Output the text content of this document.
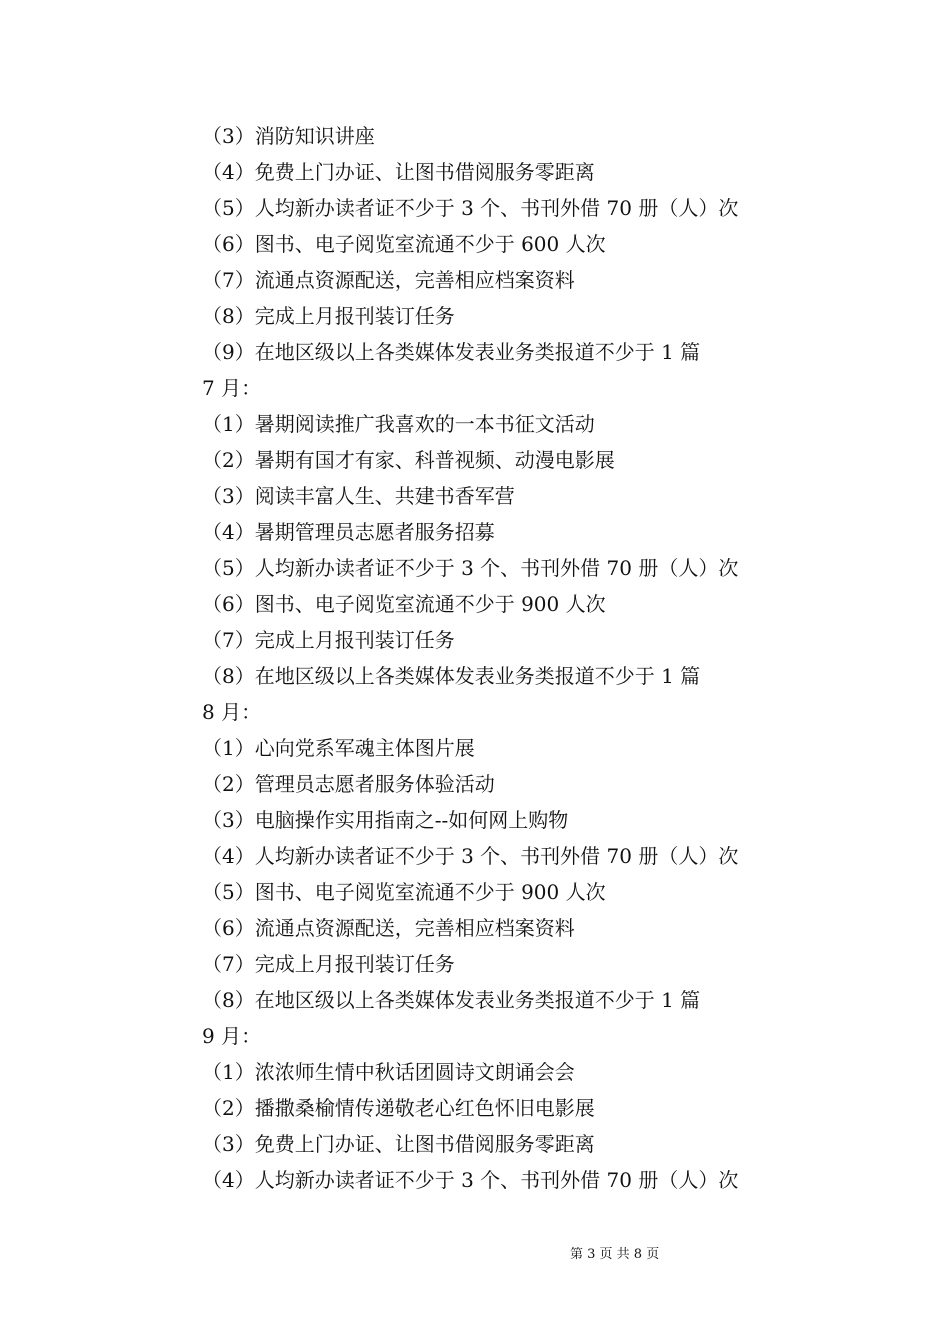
（3）消防知识讲座
（4）免费上门办证、让图书借阅服务零距离
（5）人均新办读者证不少于 3 个、书刊外借 70 册（人）次
（6）图书、电子阅览室流通不少于 600 人次
（7）流通点资源配送，完善相应档案资料
（8）完成上月报刊装订任务
（9）在地区级以上各类媒体发表业务类报道不少于 1 篇
7 月：
（1）暑期阅读推广我喜欢的一本书征文活动
（2）暑期有国才有家、科普视频、动漫电影展
（3）阅读丰富人生、共建书香军营
（4）暑期管理员志愿者服务招募
（5）人均新办读者证不少于 3 个、书刊外借 70 册（人）次
（6）图书、电子阅览室流通不少于 900 人次
（7）完成上月报刊装订任务
（8）在地区级以上各类媒体发表业务类报道不少于 1 篇
8 月：
（1）心向党系军魂主体图片展
（2）管理员志愿者服务体验活动
（3）电脑操作实用指南之--如何网上购物
（4）人均新办读者证不少于 3 个、书刊外借 70 册（人）次
（5）图书、电子阅览室流通不少于 900 人次
（6）流通点资源配送，完善相应档案资料
（7）完成上月报刊装订任务
（8）在地区级以上各类媒体发表业务类报道不少于 1 篇
9 月：
（1）浓浓师生情中秋话团圆诗文朗诵会会
（2）播撒桑榆情传递敬老心红色怀旧电影展
（3）免费上门办证、让图书借阅服务零距离
（4）人均新办读者证不少于 3 个、书刊外借 70 册（人）次
第 3 页 共 8 页
